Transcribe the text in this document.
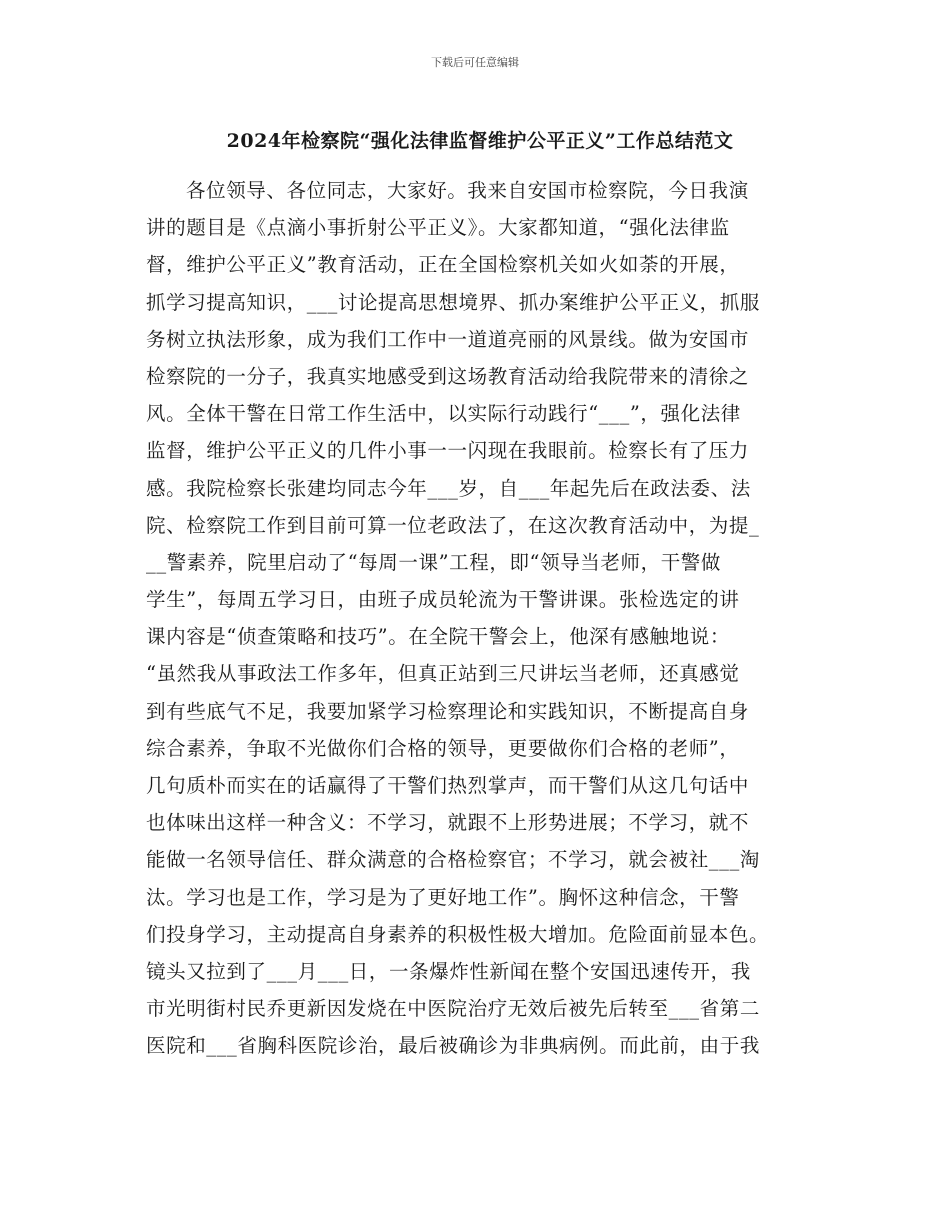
下载后可任意编辑
2024年检察院“强化法律监督维护公平正义”工作总结范文
各位领导、各位同志，大家好。我来自安国市检察院，今日我演
讲的题目是《点滴小事折射公平正义》。大家都知道，“强化法律监
督，维护公平正义”教育活动，正在全国检察机关如火如荼的开展，
抓学习提高知识，___讨论提高思想境界、抓办案维护公平正义，抓服
务树立执法形象，成为我们工作中一道道亮丽的风景线。做为安国市
检察院的一分子，我真实地感受到这场教育活动给我院带来的清徐之
风。全体干警在日常工作生活中，以实际行动践行“___”，强化法律
监督，维护公平正义的几件小事一一闪现在我眼前。检察长有了压力
感。我院检察长张建均同志今年___岁，自___年起先后在政法委、法
院、检察院工作到目前可算一位老政法了，在这次教育活动中，为提_
__警素养，院里启动了“每周一课”工程，即“领导当老师，干警做
学生”，每周五学习日，由班子成员轮流为干警讲课。张检选定的讲
课内容是“侦查策略和技巧”。在全院干警会上，他深有感触地说：
“虽然我从事政法工作多年，但真正站到三尺讲坛当老师，还真感觉
到有些底气不足，我要加紧学习检察理论和实践知识，不断提高自身
综合素养，争取不光做你们合格的领导，更要做你们合格的老师”，
几句质朴而实在的话赢得了干警们热烈掌声，而干警们从这几句话中
也体味出这样一种含义：不学习，就跟不上形势进展；不学习，就不
能做一名领导信任、群众满意的合格检察官；不学习，就会被社___淘
汰。学习也是工作，学习是为了更好地工作”。胸怀这种信念，干警
们投身学习，主动提高自身素养的积极性极大增加。危险面前显本色。
镜头又拉到了___月___日，一条爆炸性新闻在整个安国迅速传开，我
市光明街村民乔更新因发烧在中医院治疗无效后被先后转至___省第二
医院和___省胸科医院诊治，最后被确诊为非典病例。而此前，由于我
